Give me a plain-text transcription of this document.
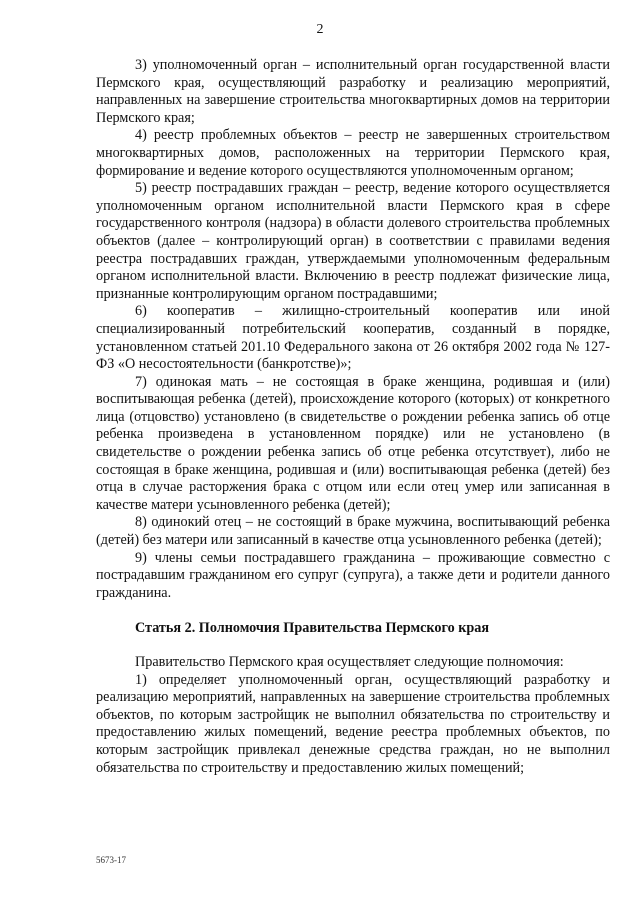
2

3) уполномоченный орган – исполнительный орган государственной власти Пермского края, осуществляющий разработку и реализацию мероприятий, направленных на завершение строительства многоквартирных домов на территории Пермского края;

4) реестр проблемных объектов – реестр не завершенных строительством многоквартирных домов, расположенных на территории Пермского края, формирование и ведение которого осуществляются уполномоченным органом;

5) реестр пострадавших граждан – реестр, ведение которого осуществляется уполномоченным органом исполнительной власти Пермского края в сфере государственного контроля (надзора) в области долевого строительства проблемных объектов (далее – контролирующий орган) в соответствии с правилами ведения реестра пострадавших граждан, утверждаемыми уполномоченным федеральным органом исполнительной власти. Включению в реестр подлежат физические лица, признанные контролирующим органом пострадавшими;

6) кооператив – жилищно-строительный кооператив или иной специализированный потребительский кооператив, созданный в порядке, установленном статьей 201.10 Федерального закона от 26 октября 2002 года № 127-ФЗ «О несостоятельности (банкротстве)»;

7) одинокая мать – не состоящая в браке женщина, родившая и (или) воспитывающая ребенка (детей), происхождение которого (которых) от конкретного лица (отцовство) установлено (в свидетельстве о рождении ребенка запись об отце ребенка произведена в установленном порядке) или не установлено (в свидетельстве о рождении ребенка запись об отце ребенка отсутствует), либо не состоящая в браке женщина, родившая и (или) воспитывающая ребенка (детей) без отца в случае расторжения брака с отцом или если отец умер или записанная в качестве матери усыновленного ребенка (детей);

8) одинокий отец – не состоящий в браке мужчина, воспитывающий ребенка (детей) без матери или записанный в качестве отца усыновленного ребенка (детей);

9) члены семьи пострадавшего гражданина – проживающие совместно с пострадавшим гражданином его супруг (супруга), а также дети и родители данного гражданина.

Статья 2. Полномочия Правительства Пермского края

Правительство Пермского края осуществляет следующие полномочия:

1) определяет уполномоченный орган, осуществляющий разработку и реализацию мероприятий, направленных на завершение строительства проблемных объектов, по которым застройщик не выполнил обязательства по строительству и предоставлению жилых помещений, ведение реестра проблемных объектов, по которым застройщик привлекал денежные средства граждан, но не выполнил обязательства по строительству и предоставлению жилых помещений;

5673-17
